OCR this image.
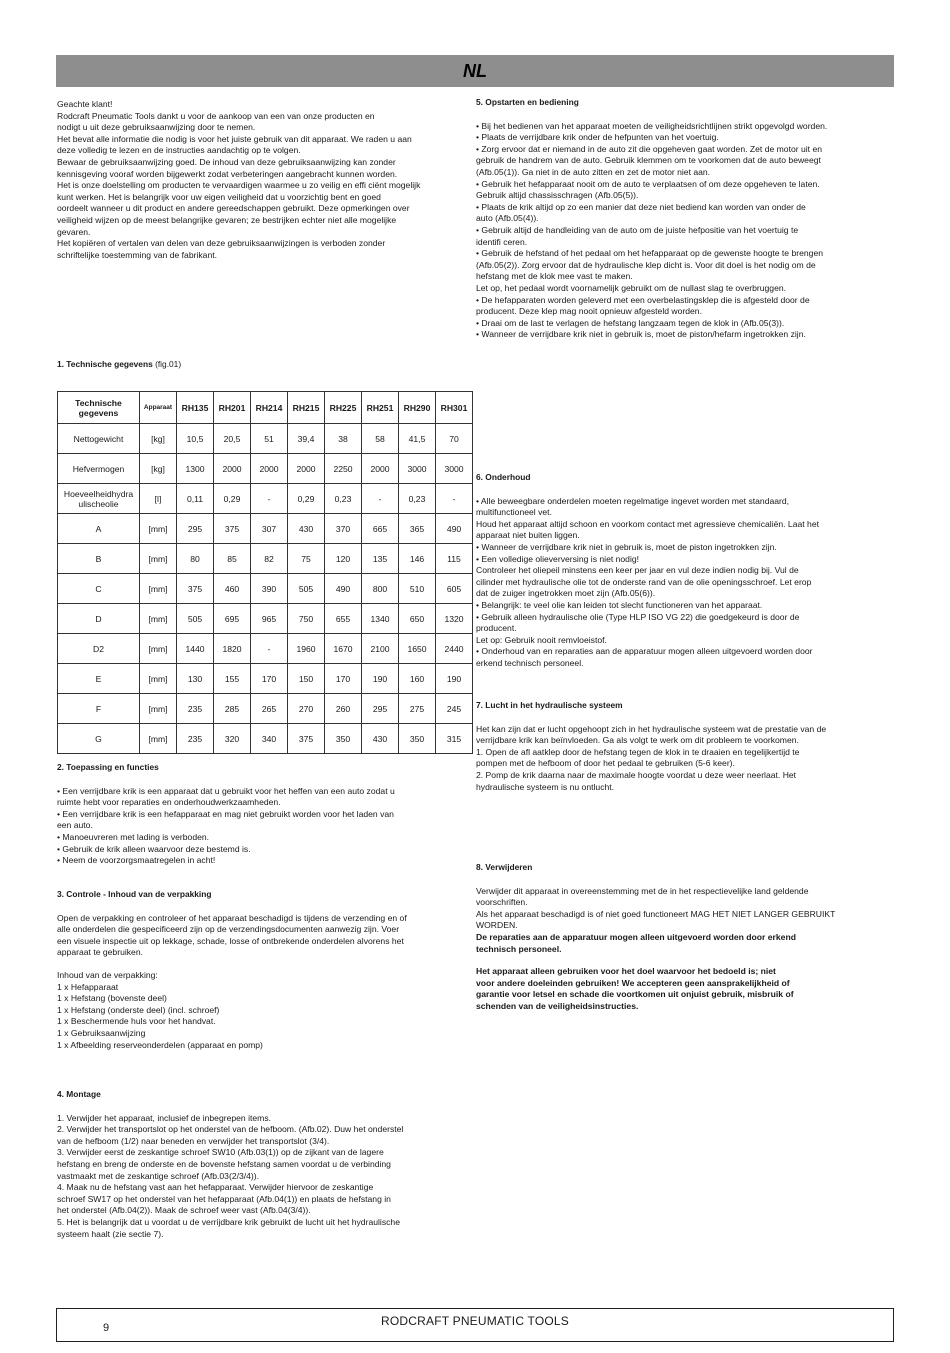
NL

Geachte klant!
Rodcraft Pneumatic Tools dankt u voor de aankoop van een van onze producten en
nodigt u uit deze gebruiksaanwijzing door te nemen.
Het bevat alle informatie die nodig is voor het juiste gebruik van dit apparaat. We raden u aan
deze volledig te lezen en de instructies aandachtig op te volgen.
Bewaar de gebruiksaanwijzing goed. De inhoud van deze gebruiksaanwijzing kan zonder
kennisgeving vooraf worden bijgewerkt zodat verbeteringen aangebracht kunnen worden.
Het is onze doelstelling om producten te vervaardigen waarmee u zo veilig en effi ciënt mogelijk
kunt werken. Het is belangrijk voor uw eigen veiligheid dat u voorzichtig bent en goed
oordeelt wanneer u dit product en andere gereedschappen gebruikt. Deze opmerkingen over
veiligheid wijzen op de meest belangrijke gevaren; ze bestrijken echter niet alle mogelijke
gevaren.
Het kopiëren of vertalen van delen van deze gebruiksaanwijzingen is verboden zonder
schriftelijke toestemming van de fabrikant.

1. Technische gegevens (fig.01)

Technische gegevens	Apparaat	RH135	RH201	RH214	RH215	RH225	RH251	RH290	RH301
Nettogewicht	[kg]	10,5	20,5	51	39,4	38	58	41,5	70
Hefvermogen	[kg]	1300	2000	2000	2000	2250	2000	3000	3000
Hoeveelheidhydra ulischeolie	[l]	0,11	0,29	-	0,29	0,23	-	0,23	-
A	[mm]	295	375	307	430	370	665	365	490
B	[mm]	80	85	82	75	120	135	146	115
C	[mm]	375	460	390	505	490	800	510	605
D	[mm]	505	695	965	750	655	1340	650	1320
D2	[mm]	1440	1820	-	1960	1670	2100	1650	2440
E	[mm]	130	155	170	150	170	190	160	190
F	[mm]	235	285	265	270	260	295	275	245
G	[mm]	235	320	340	375	350	430	350	315

2. Toepassing en functies

• Een verrijdbare krik is een apparaat dat u gebruikt voor het heffen van een auto zodat u
ruimte hebt voor reparaties en onderhoudwerkzaamheden.
• Een verrijdbare krik is een hefapparaat en mag niet gebruikt worden voor het laden van
een auto.
• Manoeuvreren met lading is verboden.
• Gebruik de krik alleen waarvoor deze bestemd is.
• Neem de voorzorgsmaatregelen in acht!

3. Controle - Inhoud van de verpakking

Open de verpakking en controleer of het apparaat beschadigd is tijdens de verzending en of
alle onderdelen die gespecificeerd zijn op de verzendingsdocumenten aanwezig zijn. Voer
een visuele inspectie uit op lekkage, schade, losse of ontbrekende onderdelen alvorens het
apparaat te gebruiken.

Inhoud van de verpakking:

1 x Hefapparaat
1 x Hefstang (bovenste deel)
1 x Hefstang (onderste deel) (incl. schroef)
1 x Beschermende huls voor het handvat.
1 x Gebruiksaanwijzing
1 x Afbeelding reserveonderdelen (apparaat en pomp)

4. Montage

1. Verwijder het apparaat, inclusief de inbegrepen items.
2. Verwijder het transportslot op het onderstel van de hefboom. (Afb.02). Duw het onderstel
van de hefboom (1/2) naar beneden en verwijder het transportslot (3/4).
3. Verwijder eerst de zeskantige schroef SW10 (Afb.03(1)) op de zijkant van de lagere
hefstang en breng de onderste en de bovenste hefstang samen voordat u de verbinding
vastmaakt met de zeskantige schroef (Afb.03(2/3/4)).
4. Maak nu de hefstang vast aan het hefapparaat. Verwijder hiervoor de zeskantige
schroef SW17 op het onderstel van het hefapparaat (Afb.04(1)) en plaats de hefstang in
het onderstel (Afb.04(2)). Maak de schroef weer vast (Afb.04(3/4)).
5. Het is belangrijk dat u voordat u de verrijdbare krik gebruikt de lucht uit het hydraulische
systeem haalt (zie sectie 7).

5. Opstarten en bediening

• Bij het bedienen van het apparaat moeten de veiligheidsrichtlijnen strikt opgevolgd worden.
• Plaats de verrijdbare krik onder de hefpunten van het voertuig.
• Zorg ervoor dat er niemand in de auto zit die opgeheven gaat worden. Zet de motor uit en
gebruik de handrem van de auto. Gebruik klemmen om te voorkomen dat de auto beweegt
(Afb.05(1)). Ga niet in de auto zitten en zet de motor niet aan.
• Gebruik het hefapparaat nooit om de auto te verplaatsen of om deze opgeheven te laten.
Gebruik altijd chassisschragen (Afb.05(5)).
• Plaats de krik altijd op zo een manier dat deze niet bediend kan worden van onder de
auto (Afb.05(4)).
• Gebruik altijd de handleiding van de auto om de juiste hefpositie van het voertuig te
identifi ceren.
• Gebruik de hefstand of het pedaal om het hefapparaat op de gewenste hoogte te brengen
(Afb.05(2)). Zorg ervoor dat de hydraulische klep dicht is. Voor dit doel is het nodig om de
hefstang met de klok mee vast te maken.
Let op, het pedaal wordt voornamelijk gebruikt om de nullast slag te overbruggen.
• De hefapparaten worden geleverd met een overbelastingsklep die is afgesteld door de
producent. Deze klep mag nooit opnieuw afgesteld worden.
• Draai om de last te verlagen de hefstang langzaam tegen de klok in (Afb.05(3)).
• Wanneer de verrijdbare krik niet in gebruik is, moet de piston/hefarm ingetrokken zijn.

6. Onderhoud

• Alle beweegbare onderdelen moeten regelmatige ingevet worden met standaard,
multifunctioneel vet.
Houd het apparaat altijd schoon en voorkom contact met agressieve chemicaliën. Laat het
apparaat niet buiten liggen.
• Wanneer de verrijdbare krik niet in gebruik is, moet de piston ingetrokken zijn.
• Een volledige olieverversing is niet nodig!
Controleer het oliepeil minstens een keer per jaar en vul deze indien nodig bij. Vul de
cilinder met hydraulische olie tot de onderste rand van de olie openingsschroef. Let erop
dat de zuiger ingetrokken moet zijn (Afb.05(6)).
• Belangrijk: te veel olie kan leiden tot slecht functioneren van het apparaat.
• Gebruik alleen hydraulische olie (Type HLP ISO VG 22) die goedgekeurd is door de
producent.
Let op: Gebruik nooit remvloeistof.
• Onderhoud van en reparaties aan de apparatuur mogen alleen uitgevoerd worden door
erkend technisch personeel.

7. Lucht in het hydraulische systeem

Het kan zijn dat er lucht opgehoopt zich in het hydraulische systeem wat de prestatie van de
verrijdbare krik kan beïnvloeden. Ga als volgt te werk om dit probleem te voorkomen.
1. Open de afl aatklep door de hefstang tegen de klok in te draaien en tegelijkertijd te
pompen met de hefboom of door het pedaal te gebruiken (5-6 keer).
2. Pomp de krik daarna naar de maximale hoogte voordat u deze weer neerlaat. Het
hydraulische systeem is nu ontlucht.

8. Verwijderen

Verwijder dit apparaat in overeenstemming met de in het respectievelijke land geldende
voorschriften.
Als het apparaat beschadigd is of niet goed functioneert MAG HET NIET LANGER GEBRUIKT
WORDEN.

De reparaties aan de apparatuur mogen alleen uitgevoerd worden door erkend
technisch personeel.

Het apparaat alleen gebruiken voor het doel waarvoor het bedoeld is; niet
voor andere doeleinden gebruiken! We accepteren geen aansprakelijkheid of
garantie voor letsel en schade die voortkomen uit onjuist gebruik, misbruik of
schenden van de veiligheidsinstructies.

9	RODCRAFT PNEUMATIC TOOLS
